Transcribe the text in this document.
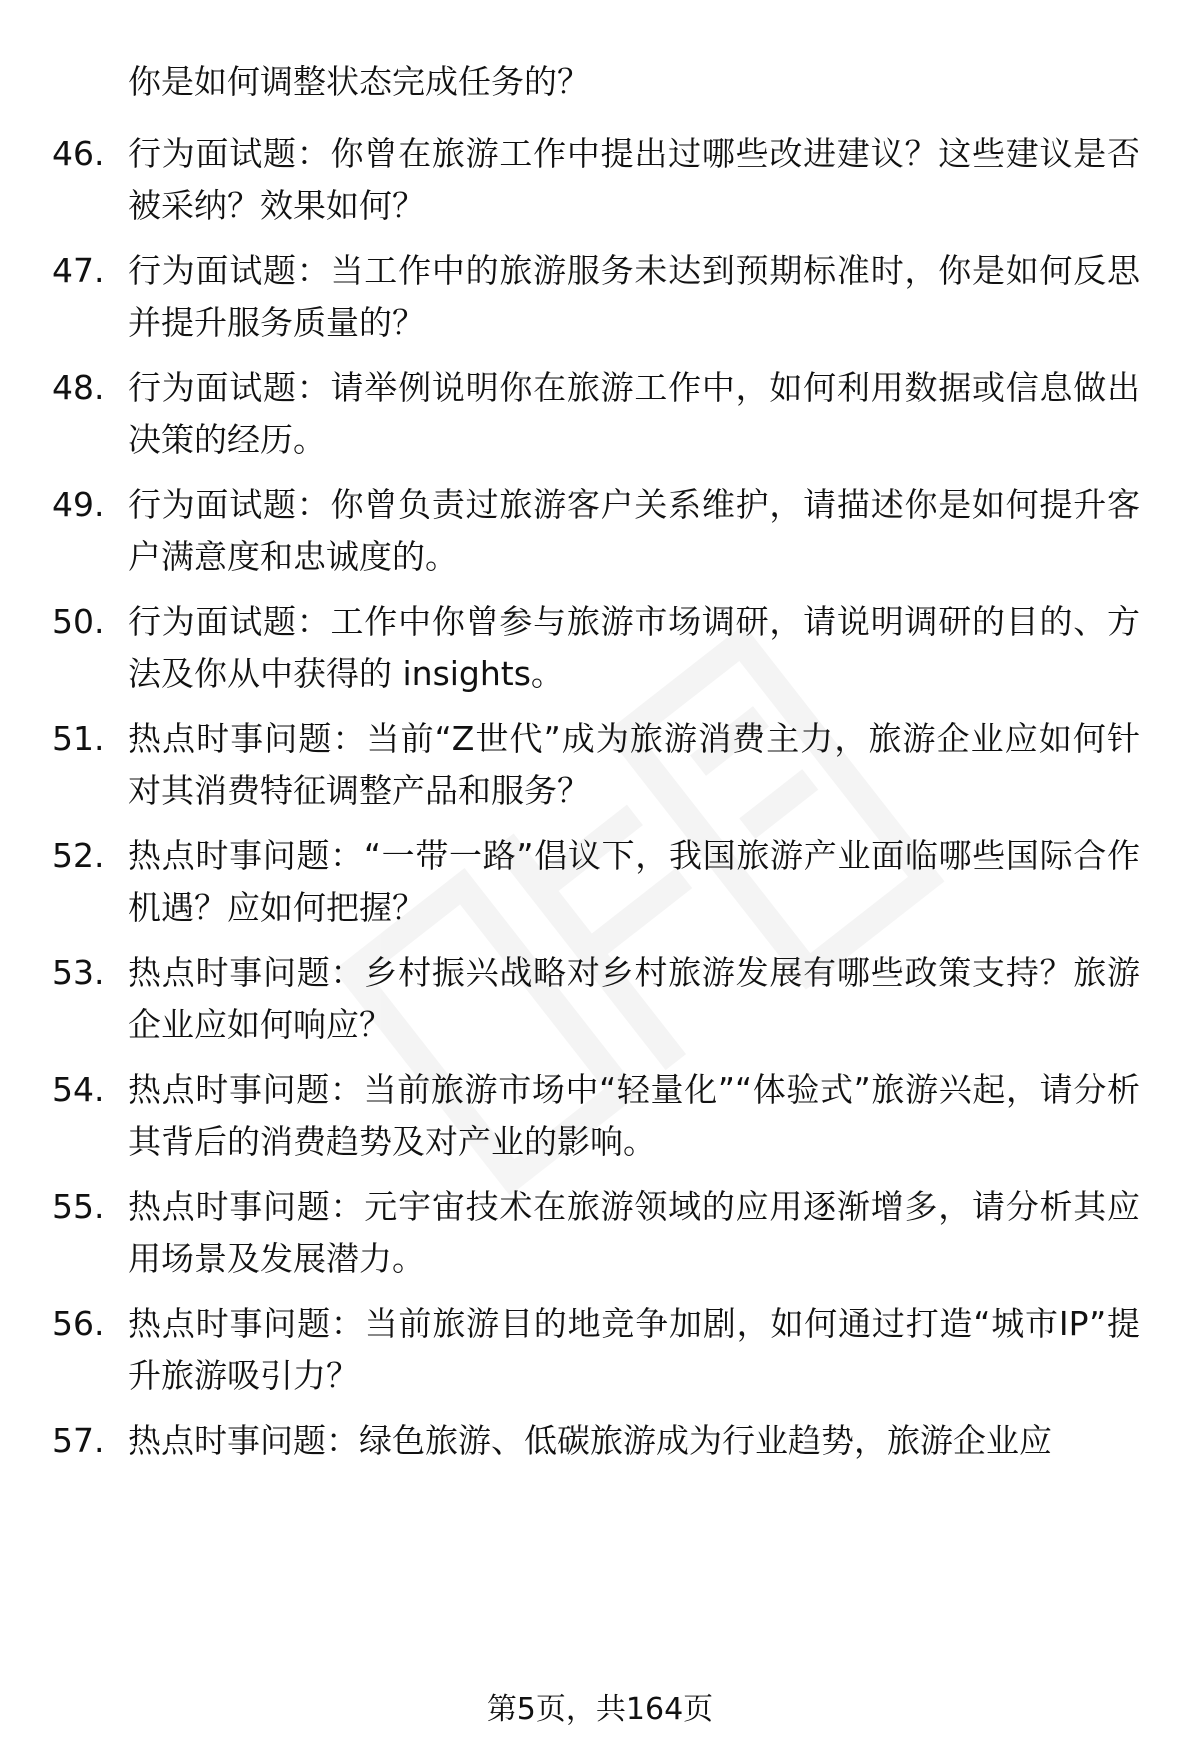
你是如何调整状态完成任务的？
46. 行为面试题：你曾在旅游工作中提出过哪些改进建议？这些建议是否被采纳？效果如何？
47. 行为面试题：当工作中的旅游服务未达到预期标准时，你是如何反思并提升服务质量的？
48. 行为面试题：请举例说明你在旅游工作中，如何利用数据或信息做出决策的经历。
49. 行为面试题：你曾负责过旅游客户关系维护，请描述你是如何提升客户满意度和忠诚度的。
50. 行为面试题：工作中你曾参与旅游市场调研，请说明调研的目的、方法及你从中获得的 insights。
51. 热点时事问题：当前“Z世代”成为旅游消费主力，旅游企业应如何针对其消费特征调整产品和服务？
52. 热点时事问题：“一带一路”倡议下，我国旅游产业面临哪些国际合作机遇？应如何把握？
53. 热点时事问题：乡村振兴战略对乡村旅游发展有哪些政策支持？旅游企业应如何响应？
54. 热点时事问题：当前旅游市场中“轻量化”“体验式”旅游兴起，请分析其背后的消费趋势及对产业的影响。
55. 热点时事问题：元宇宙技术在旅游领域的应用逐渐增多，请分析其应用场景及发展潜力。
56. 热点时事问题：当前旅游目的地竞争加剧，如何通过打造“城市IP”提升旅游吸引力？
57. 热点时事问题：绿色旅游、低碳旅游成为行业趋势，旅游企业应
第5页，共164页
